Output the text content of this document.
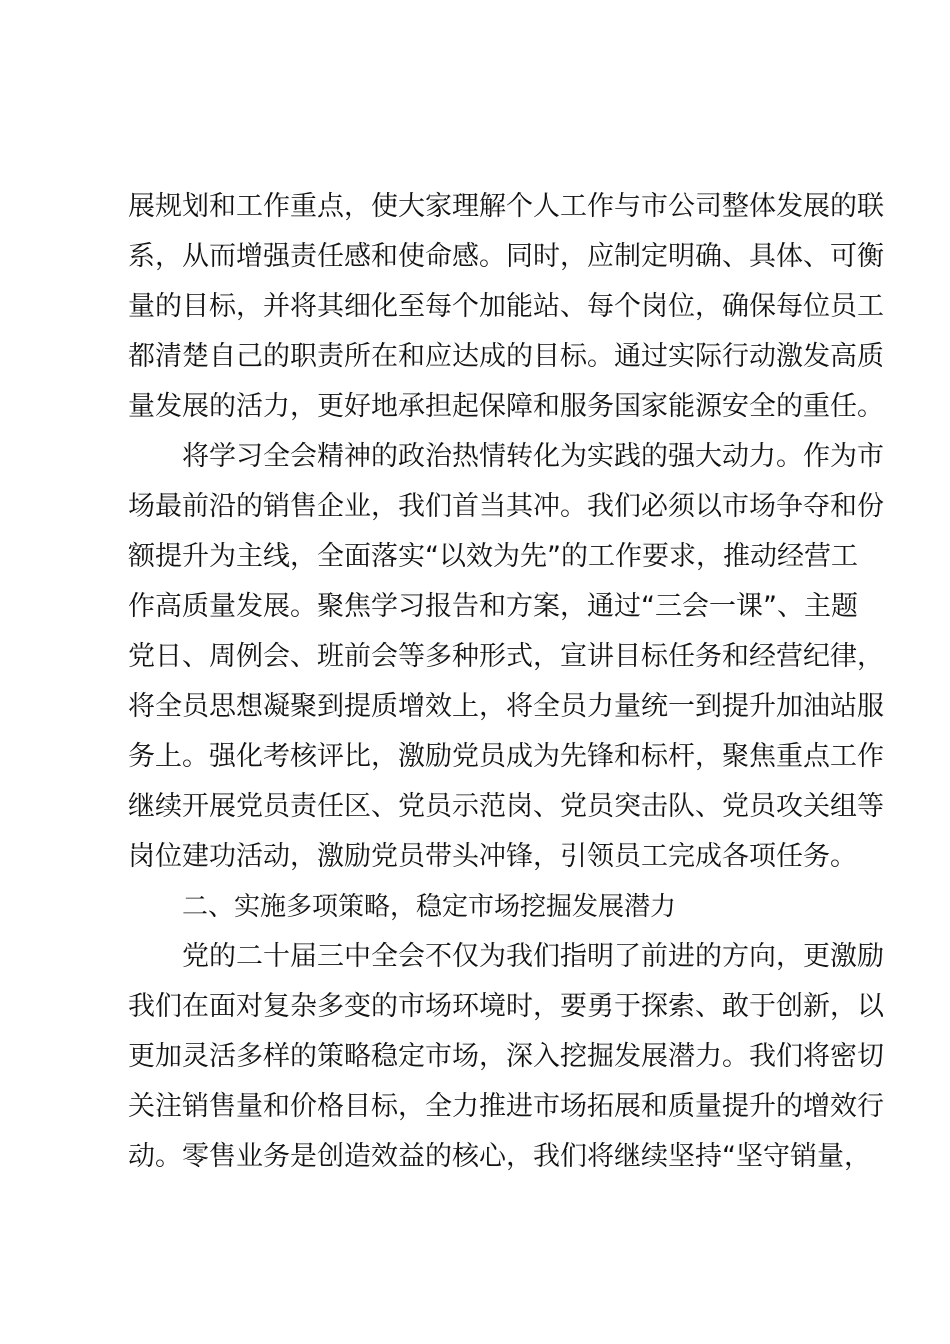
展规划和工作重点，使大家理解个人工作与市公司整体发展的联
系，从而增强责任感和使命感。同时，应制定明确、具体、可衡
量的目标，并将其细化至每个加能站、每个岗位，确保每位员工
都清楚自己的职责所在和应达成的目标。通过实际行动激发高质
量发展的活力，更好地承担起保障和服务国家能源安全的重任。
将学习全会精神的政治热情转化为实践的强大动力。作为市
场最前沿的销售企业，我们首当其冲。我们必须以市场争夺和份
额提升为主线，全面落实“以效为先”的工作要求，推动经营工
作高质量发展。聚焦学习报告和方案，通过“三会一课”、主题
党日、周例会、班前会等多种形式，宣讲目标任务和经营纪律，
将全员思想凝聚到提质增效上，将全员力量统一到提升加油站服
务上。强化考核评比，激励党员成为先锋和标杆，聚焦重点工作
继续开展党员责任区、党员示范岗、党员突击队、党员攻关组等
岗位建功活动，激励党员带头冲锋，引领员工完成各项任务。
二、实施多项策略，稳定市场挖掘发展潜力
党的二十届三中全会不仅为我们指明了前进的方向，更激励
我们在面对复杂多变的市场环境时，要勇于探索、敢于创新，以
更加灵活多样的策略稳定市场，深入挖掘发展潜力。我们将密切
关注销售量和价格目标，全力推进市场拓展和质量提升的增效行
动。零售业务是创造效益的核心，我们将继续坚持“坚守销量，
